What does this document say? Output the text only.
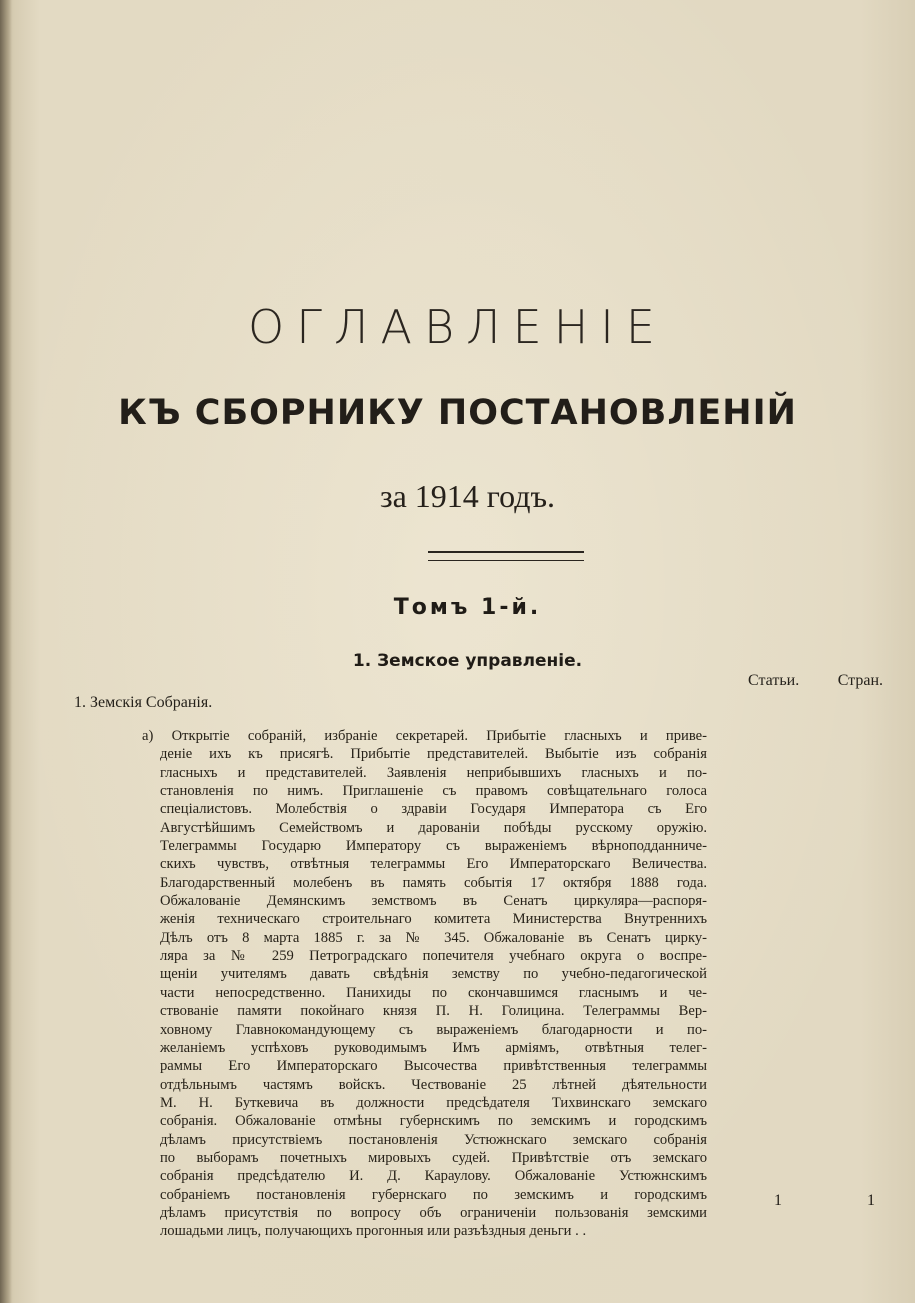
ОГЛАВЛЕНІЕ
КЪ СБОРНИКУ ПОСТАНОВЛЕНІЙ
за 1914 годъ.
Томъ 1-й.
1. Земское управленіе.
Статьи. Стран.
1. Земскія Собранія.
а) Открытіе собраній, избраніе секретарей. Прибытіе гласныхъ и приве-
деніе ихъ къ присягѣ. Прибытіе представителей. Выбытіе изъ собранія
гласныхъ и представителей. Заявленія неприбывшихъ гласныхъ и по-
становленія по нимъ. Приглашеніе съ правомъ совѣщательнаго голоса
спеціалистовъ. Молебствія о здравіи Государя Императора съ Его
Августѣйшимъ Семействомъ и дарованіи побѣды русскому оружію.
Телеграммы Государю Императору съ выраженіемъ вѣрноподданниче-
скихъ чувствъ, отвѣтныя телеграммы Его Императорскаго Величества.
Благодарственный молебенъ въ память событія 17 октября 1888 года.
Обжалованіе Демянскимъ земствомъ въ Сенатъ циркуляра—распоря-
женія техническаго строительнаго комитета Министерства Внутреннихъ
Дѣлъ отъ 8 марта 1885 г. за № 345. Обжалованіе въ Сенатъ цирку-
ляра за № 259 Петроградскаго попечителя учебнаго округа о воспре-
щеніи учителямъ давать свѣдѣнія земству по учебно-педагогической
части непосредственно. Панихиды по скончавшимся гласнымъ и че-
ствованіе памяти покойнаго князя П. Н. Голицина. Телеграммы Вер-
ховному Главнокомандующему съ выраженіемъ благодарности и по-
желаніемъ успѣховъ руководимымъ Имъ арміямъ, отвѣтныя телег-
раммы Его Императорскаго Высочества привѣтственныя телеграммы
отдѣльнымъ частямъ войскъ. Чествованіе 25 лѣтней дѣятельности
М. Н. Буткевича въ должности предсѣдателя Тихвинскаго земскаго
собранія. Обжалованіе отмѣны губернскимъ по земскимъ и городскимъ
дѣламъ присутствіемъ постановленія Устюжнскаго земскаго собранія
по выборамъ почетныхъ мировыхъ судей. Привѣтствіе отъ земскаго
собранія предсѣдателю И. Д. Караулову. Обжалованіе Устюжнскимъ
собраніемъ постановленія губернскаго по земскимъ и городскимъ
дѣламъ присутствія по вопросу объ ограниченіи пользованія земскими
лошадьми лицъ, получающихъ прогонныя или разъѣздныя деньги . .
1	1
